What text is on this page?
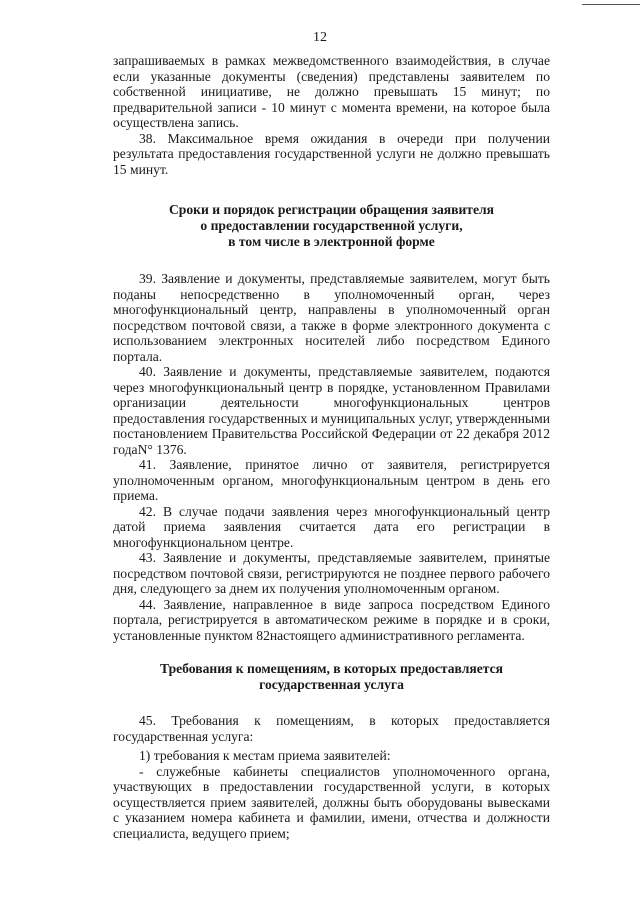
12

запрашиваемых в рамках межведомственного взаимодействия, в случае если указанные документы (сведения) представлены заявителем по собственной инициативе, не должно превышать 15 минут; по предварительной записи - 10 минут с момента времени, на которое была осуществлена запись.

38. Максимальное время ожидания в очереди при получении результата предоставления государственной услуги не должно превышать 15 минут.

Сроки и порядок регистрации обращения заявителя
о предоставлении государственной услуги,
в том числе в электронной форме

39. Заявление и документы, представляемые заявителем, могут быть поданы непосредственно в уполномоченный орган, через многофункциональный центр, направлены в уполномоченный орган посредством почтовой связи, а также в форме электронного документа с использованием электронных носителей либо посредством Единого портала.

40. Заявление и документы, представляемые заявителем, подаются через многофункциональный центр в порядке, установленном Правилами организации деятельности многофункциональных центров предоставления государственных и муниципальных услуг, утвержденными постановлением Правительства Российской Федерации от 22 декабря 2012 годаN° 1376.

41. Заявление, принятое лично от заявителя, регистрируется уполномоченным органом, многофункциональным центром в день его приема.

42. В случае подачи заявления через многофункциональный центр датой приема заявления считается дата его регистрации в многофункциональном центре.

43. Заявление и документы, представляемые заявителем, принятые посредством почтовой связи, регистрируются не позднее первого рабочего дня, следующего за днем их получения уполномоченным органом.

44. Заявление, направленное в виде запроса посредством Единого портала, регистрируется в автоматическом режиме в порядке и в сроки, установленные пунктом 82настоящего административного регламента.

Требования к помещениям, в которых предоставляется
государственная услуга

45. Требования к помещениям, в которых предоставляется государственная услуга:

1) требования к местам приема заявителей:

- служебные кабинеты специалистов уполномоченного органа, участвующих в предоставлении государственной услуги, в которых осуществляется прием заявителей, должны быть оборудованы вывесками с указанием номера кабинета и фамилии, имени, отчества и должности специалиста, ведущего прием;
